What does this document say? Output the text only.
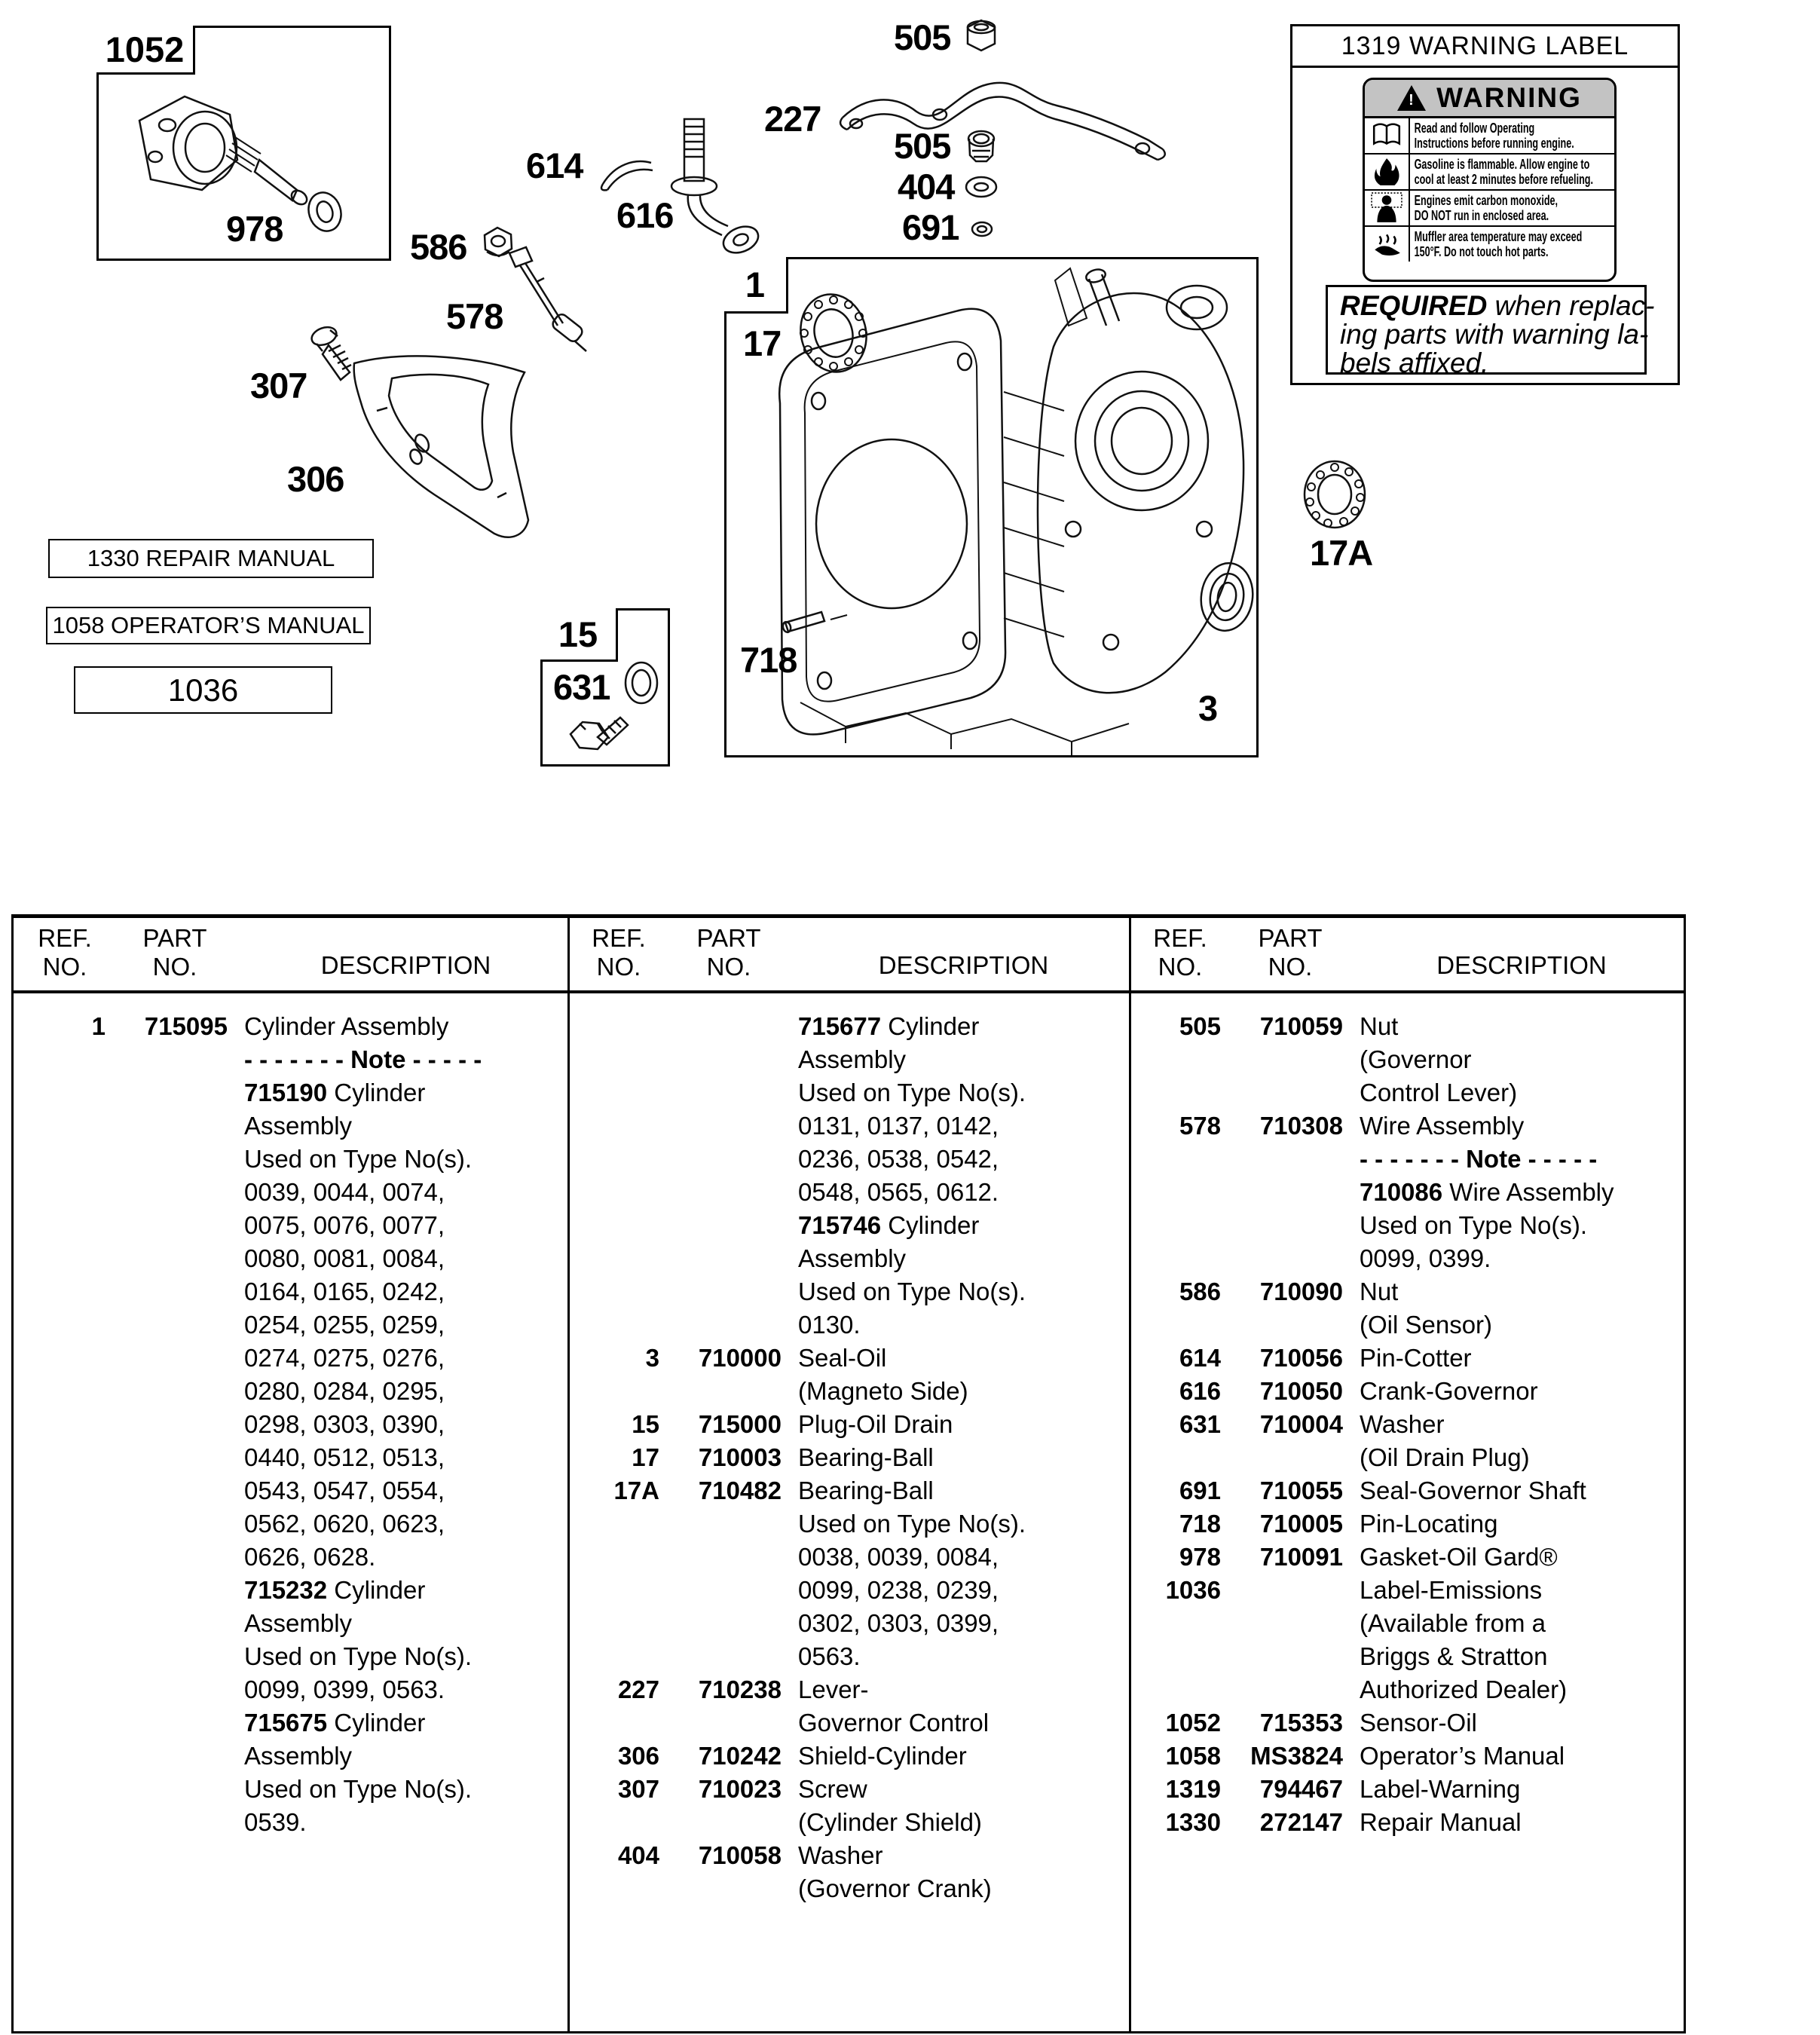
1052
1
15
1330 REPAIR MANUAL
1058 OPERATOR’S MANUAL
1036
1319 WARNING LABEL
! WARNING
Read and follow Operating
Instructions before running engine.
Gasoline is flammable. Allow engine to
cool at least 2 minutes before refueling.
Engines emit carbon monoxide,
DO NOT run in enclosed area.
Muffler area temperature may exceed
150°F. Do not touch hot parts.
REQUIRED when replac-
ing parts with warning la-
bels affixed.
978	586
614
616
578
227
505
505
404
691
307
306
17
718
3
17A
631
REF.
NO.
PART
NO.	DESCRIPTION
1	715095 Cylinder Assembly
- - - - - - - Note - - - - -
715190 Cylinder
Assembly
Used on Type No(s).
0039, 0044, 0074,
0075, 0076, 0077,
0080, 0081, 0084,
0164, 0165, 0242,
0254, 0255, 0259,
0274, 0275, 0276,
0280, 0284, 0295,
0298, 0303, 0390,
0440, 0512, 0513,
0543, 0547, 0554,
0562, 0620, 0623,
0626, 0628.
715232 Cylinder
Assembly
Used on Type No(s).
0099, 0399, 0563.
715675 Cylinder
Assembly
Used on Type No(s).
0539.
REF.
NO.
PART
NO.	DESCRIPTION
715677 Cylinder
Assembly
Used on Type No(s).
0131, 0137, 0142,
0236, 0538, 0542,
0548, 0565, 0612.
715746 Cylinder
Assembly
Used on Type No(s).
0130.
3	710000 Seal-Oil
(Magneto Side)
15	715000 Plug-Oil Drain
17	710003 Bearing-Ball
17A	710482 Bearing-Ball
Used on Type No(s).
0038, 0039, 0084,
0099, 0238, 0239,
0302, 0303, 0399,
0563.
227	710238 Lever-
Governor Control
306	710242 Shield-Cylinder
307	710023 Screw
(Cylinder Shield)
404	710058 Washer
(Governor Crank)
REF.
NO.
PART
NO.	DESCRIPTION
505	710059 Nut
(Governor
Control Lever)
578	710308 Wire Assembly
- - - - - - - Note - - - - -
710086 Wire Assembly
Used on Type No(s).
0099, 0399.
586	710090 Nut
(Oil Sensor)
614	710056 Pin-Cotter
616	710050 Crank-Governor
631	710004 Washer
(Oil Drain Plug)
691	710055 Seal-Governor Shaft
718	710005 Pin-Locating
978	710091 Gasket-Oil Gard®
1036	Label-Emissions
(Available from a
Briggs & Stratton
Authorized Dealer)
1052	715353 Sensor-Oil
1058	MS3824 Operator’s Manual
1319	794467 Label-Warning
1330	272147 Repair Manual
